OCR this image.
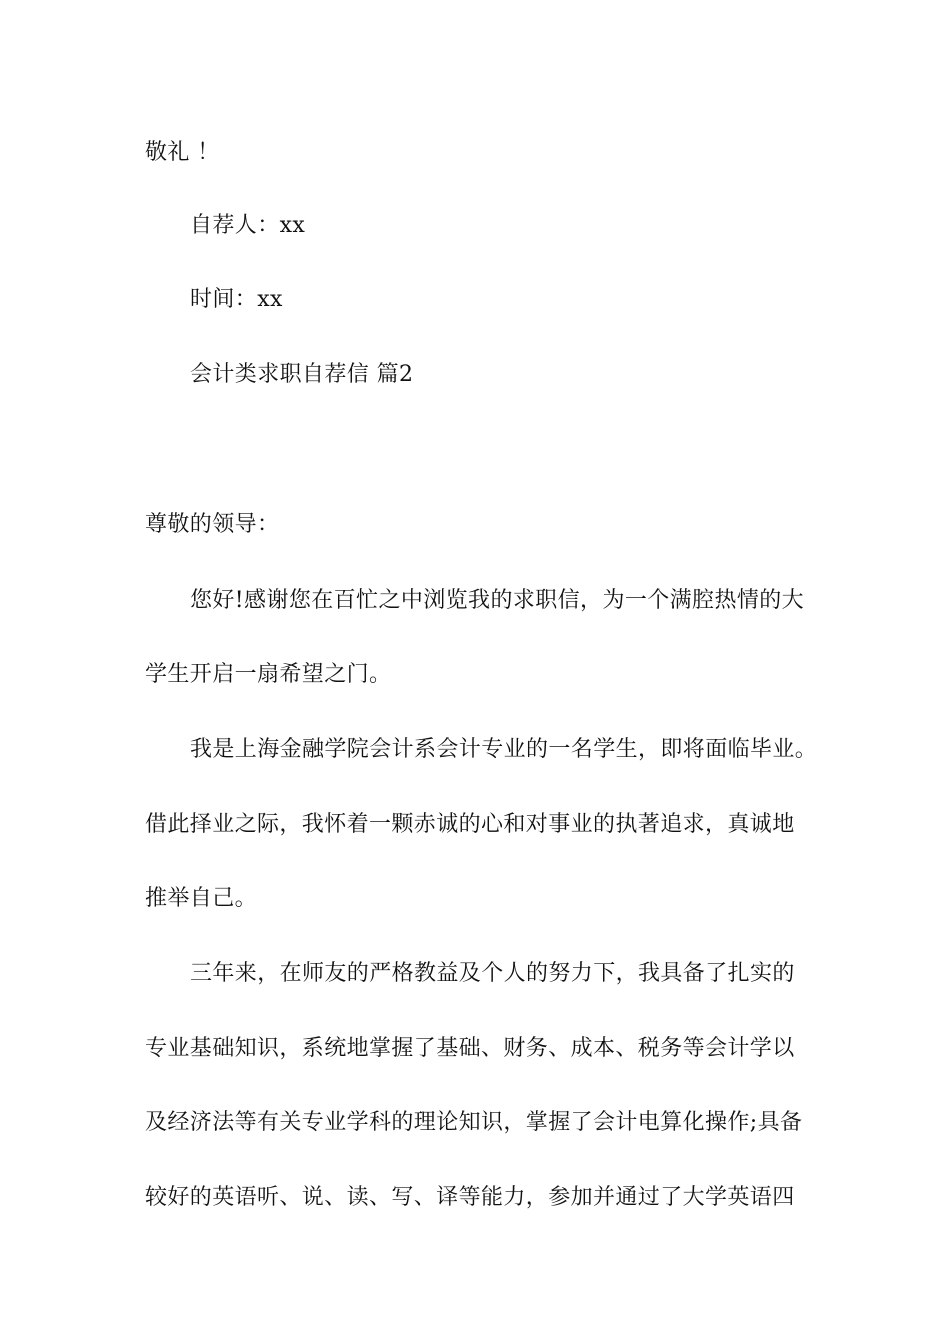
敬礼 ！
自荐人：xx
时间：xx
会计类求职自荐信 篇2
尊敬的领导：
您好!感谢您在百忙之中浏览我的求职信，为一个满腔热情的大
学生开启一扇希望之门。
我是上海金融学院会计系会计专业的一名学生，即将面临毕业。
借此择业之际，我怀着一颗赤诚的心和对事业的执著追求，真诚地
推举自己。
三年来，在师友的严格教益及个人的努力下，我具备了扎实的
专业基础知识，系统地掌握了基础、财务、成本、税务等会计学以
及经济法等有关专业学科的理论知识，掌握了会计电算化操作;具备
较好的英语听、说、读、写、译等能力，参加并通过了大学英语四
